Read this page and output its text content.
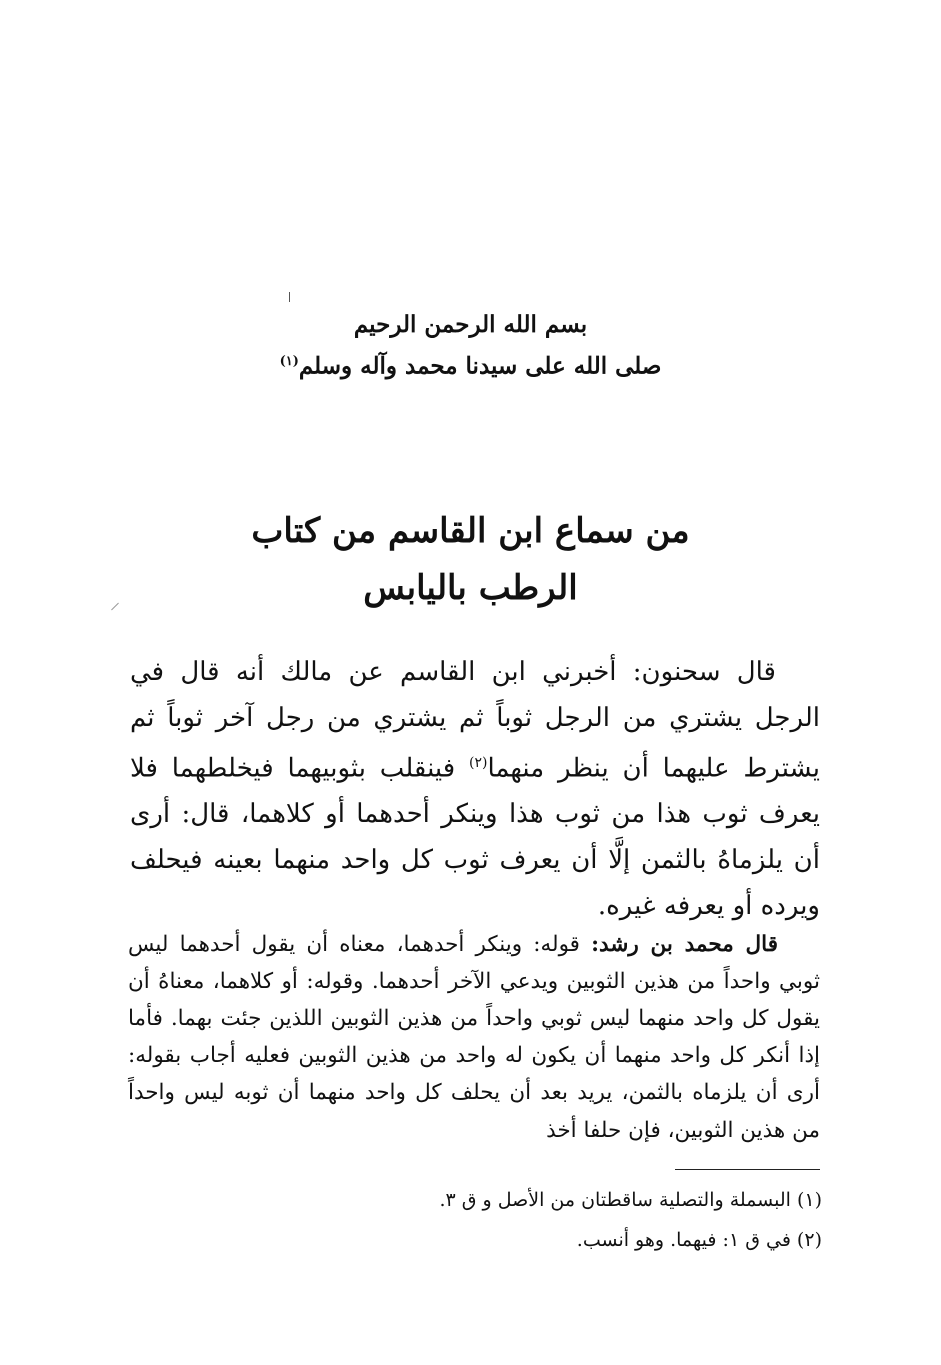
بسم الله الرحمن الرحيم
صلى الله على سيدنا محمد وآله وسلم$^{(١)}$
من سماع ابن القاسم من كتاب
الرطب باليابس

قال سحنون: أخبرني ابن القاسم عن مالك أنه قال في الرجل يشتري من الرجل ثوباً ثم يشتري من رجل آخر ثوباً ثم يشترط عليهما أن ينظر منهما$^{(٢)}$ فينقلب بثوبيهما فيخلطهما فلا يعرف ثوب هذا من ثوب هذا وينكر أحدهما أو كلاهما، قال: أرى أن يلزماهُ بالثمن إلَّا أن يعرف ثوب كل واحد منهما بعينه فيحلف ويرده أو يعرفه غيره.

قال محمد بن رشد: قوله: وينكر أحدهما، معناه أن يقول أحدهما ليس ثوبي واحداً من هذين الثوبين ويدعي الآخر أحدهما. وقوله: أو كلاهما، معناهُ أن يقول كل واحد منهما ليس ثوبي واحداً من هذين الثوبين اللذين جئت بهما. فأما إذا أنكر كل واحد منهما أن يكون له واحد من هذين الثوبين فعليه أجاب بقوله: أرى أن يلزماه بالثمن، يريد بعد أن يحلف كل واحد منهما أن ثوبه ليس واحداً من هذين الثوبين، فإن حلفا أخذ

(١) البسملة والتصلية ساقطتان من الأصل و ق ٣.
(٢) في ق ١: فيهما. وهو أنسب.
